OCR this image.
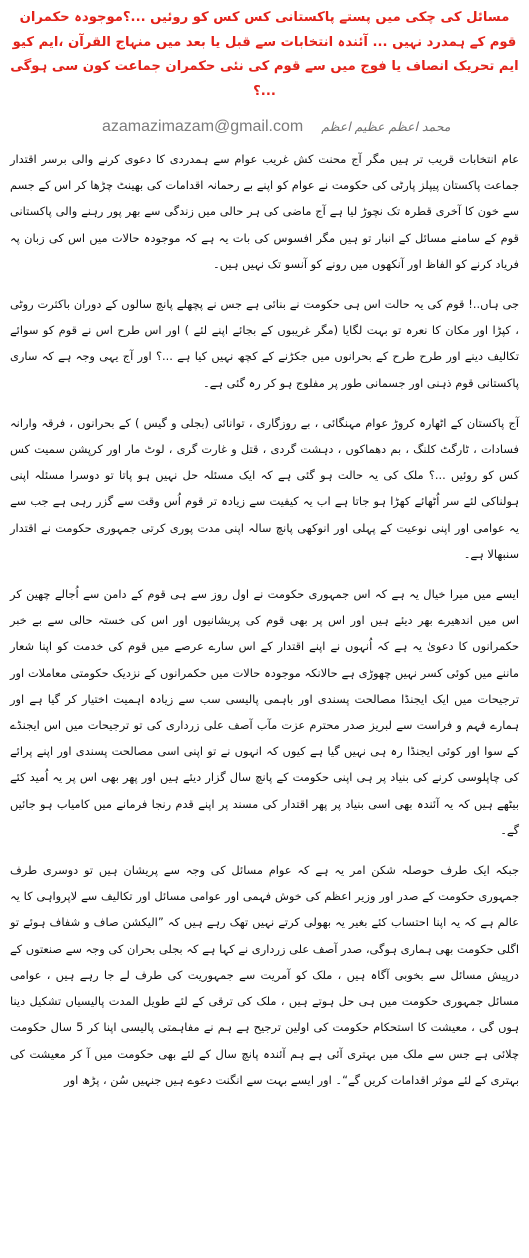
مسائل کی چکی میں پستے پاکستانی کس کس کو روئیں ...؟موجودہ حکمران قوم کے ہمدرد نہیں ... آئندہ انتخابات سے قبل یا بعد میں منہاج القرآن ،ایم کیو ایم تحریک انصاف یا فوج میں سے قوم کی نئی حکمران جماعت کون سی ہوگی ...؟
azamazimazam@gmail.com محمد اعظم عظیم اعظم

عام انتخابات قریب تر ہیں مگر آج محنت کش غریب عوام سے ہمدردی کا دعوی کرنے والی برسر اقتدار جماعت پاکستان پیپلز پارٹی کی حکومت نے عوام کو اپنے بے رحمانہ اقدامات کی بھینٹ چڑھا کر اس کے جسم سے خون کا آخری قطرہ تک نچوڑ لیا ہے آج ماضی کی ہر حالی میں زندگی سے بھر پور رہنے والی پاکستانی قوم کے سامنے مسائل کے انبار تو ہیں مگر افسوس کی بات یہ ہے کہ موجودہ حالات میں اس کی زبان پہ فریاد کرنے کو الفاظ اور آنکھوں میں رونے کو آنسو تک نہیں ہیں۔

جی ہاں..! قوم کی یہ حالت اس ہی حکومت نے بنائی ہے جس نے پچھلے پانچ سالوں کے دوران باکثرت روٹی ، کپڑا اور مکان کا نعرہ تو بہت لگایا (مگر غریبوں کے بجائے اپنے لئے ) اور اس طرح اس نے قوم کو سوائے تکالیف دینے اور طرح طرح کے بحرانوں میں جکڑنے کے کچھ نہیں کیا ہے ...؟ اور آج یہی وجہ ہے کہ ساری پاکستانی قوم ذہنی اور جسمانی طور پر مفلوج ہو کر رہ گئی ہے۔

آج پاکستان کے اٹھارہ کروڑ عوام مہنگائی ، بے روزگاری ، توانائی (بجلی و گیس ) کے بحرانوں ، فرقہ وارانہ فسادات ، ٹارگٹ کلنگ ، بم دھماکوں ، دہشت گردی ، قتل و غارت گری ، لوٹ مار اور کرپشن سمیت کس کس کو روئیں ...؟ ملک کی یہ حالت ہو گئی ہے کہ ایک مسئلہ حل نہیں ہو پاتا تو دوسرا مسئلہ اپنی ہولناکی لئے سر اُٹھائے کھڑا ہو جاتا ہے اب یہ کیفیت سے زیادہ تر قوم اُس وقت سے گزر رہی ہے جب سے یہ عوامی اور اپنی نوعیت کے پہلی اور انوکھی پانچ سالہ اپنی مدت پوری کرتی جمہوری حکومت نے اقتدار سنبھالا ہے۔

ایسے میں میرا خیال یہ ہے کہ اس جمہوری حکومت نے اول روز سے ہی قوم کے دامن سے اُجالے چھین کر اس میں اندھیرے بھر دیئے ہیں اور اس پر بھی قوم کی پریشانیوں اور اس کی خستہ حالی سے بے خبر حکمرانوں کا دعویٰ یہ ہے کہ اُنہوں نے اپنے اقتدار کے اس سارے عرصے میں قوم کی خدمت کو اپنا شعار ماننے میں کوئی کسر نہیں چھوڑی ہے حالانکہ موجودہ حالات میں حکمرانوں کے نزدیک حکومتی معاملات اور ترجیحات میں ایک ایجنڈا مصالحت پسندی اور باہمی پالیسی سب سے زیادہ اہمیت اختیار کر گیا ہے اور ہمارے فہم و فراست سے لبریز صدر محترم عزت مآب آصف علی زرداری کی تو ترجیحات میں اس ایجنڈے کے سوا اور کوئی ایجنڈا رہ ہی نہیں گیا ہے کیوں کہ انہوں نے تو اپنی اسی مصالحت پسندی اور اپنے پرائے کی چاپلوسی کرنے کی بنیاد پر ہی اپنی حکومت کے پانچ سال گزار دیئے ہیں اور پھر بھی اس پر یہ اُمید کئے بیٹھے ہیں کہ یہ آئندہ بھی اسی بنیاد پر پھر اقتدار کی مسند پر اپنے قدم رنجا فرمانے میں کامیاب ہو جائیں گے۔

جبکہ ایک طرف حوصلہ شکن امر یہ ہے کہ عوام مسائل کی وجہ سے پریشان ہیں تو دوسری طرف جمہوری حکومت کے صدر اور وزیر اعظم کی خوش فہمی اور عوامی مسائل اور تکالیف سے لاپرواہی کا یہ عالم ہے کہ یہ اپنا احتساب کئے بغیر یہ بھولی کرتے نہیں تھک رہے ہیں کہ ”الیکشن صاف و شفاف ہوئے تو اگلی حکومت بھی ہماری ہوگی، صدر آصف علی زرداری نے کہا ہے کہ بجلی بحران کی وجہ سے صنعتوں کے درپیش مسائل سے بخوبی آگاہ ہیں ، ملک کو آمریت سے جمہوریت کی طرف لے جا رہے ہیں ، عوامی مسائل جمہوری حکومت میں ہی حل ہوتے ہیں ، ملک کی ترقی کے لئے طویل المدت پالیسیاں تشکیل دینا ہوں گی ، معیشت کا استحکام حکومت کی اولین ترجیح ہے ہم نے مفاہمتی پالیسی اپنا کر 5 سال حکومت چلائی ہے جس سے ملک میں بہتری آئی ہے ہم آئندہ پانچ سال کے لئے بھی حکومت میں آ کر معیشت کی بہتری کے لئے موثر اقدامات کریں گے“۔ اور ایسے بہت سے انگنت دعوے ہیں جنہیں سُن ، پڑھ اور
